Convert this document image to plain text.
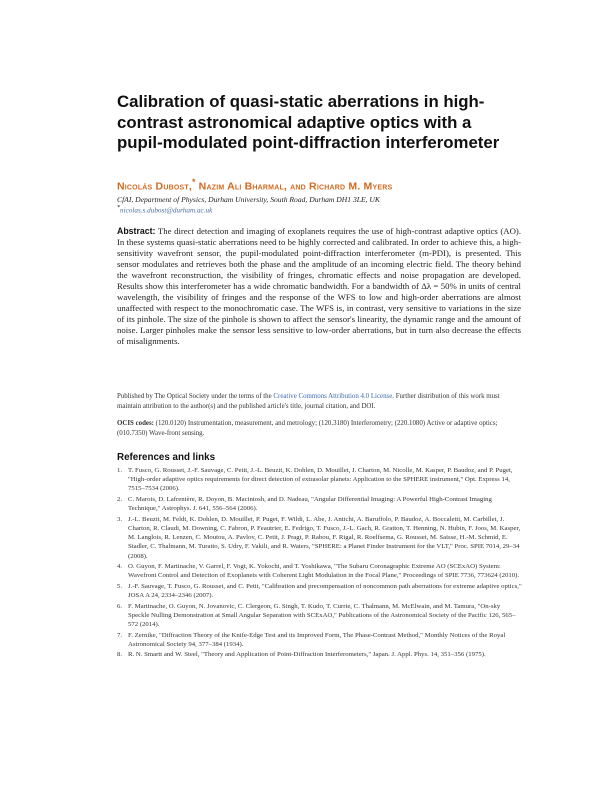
Calibration of quasi-static aberrations in high-contrast astronomical adaptive optics with a pupil-modulated point-diffraction interferometer
Nicolás Dubost,* Nazim Ali Bharmal, and Richard M. Myers
CfAI, Department of Physics, Durham University, South Road, Durham DH1 3LE, UK
*nicolas.s.dubost@durham.ac.uk
Abstract: The direct detection and imaging of exoplanets requires the use of high-contrast adaptive optics (AO). In these systems quasi-static aberrations need to be highly corrected and calibrated. In order to achieve this, a high-sensitivity wavefront sensor, the pupil-modulated point-diffraction interferometer (m-PDI), is presented. This sensor modulates and retrieves both the phase and the amplitude of an incoming electric field. The theory behind the wavefront reconstruction, the visibility of fringes, chromatic effects and noise propagation are developed. Results show this interferometer has a wide chromatic bandwidth. For a bandwidth of Δλ = 50% in units of central wavelength, the visibility of fringes and the response of the WFS to low and high-order aberrations are almost unaffected with respect to the monochromatic case. The WFS is, in contrast, very sensitive to variations in the size of its pinhole. The size of the pinhole is shown to affect the sensor's linearity, the dynamic range and the amount of noise. Larger pinholes make the sensor less sensitive to low-order aberrations, but in turn also decrease the effects of misalignments.
Published by The Optical Society under the terms of the Creative Commons Attribution 4.0 License. Further distribution of this work must maintain attribution to the author(s) and the published article's title, journal citation, and DOI.
OCIS codes: (120.0120) Instrumentation, measurement, and metrology; (120.3180) Interferometry; (220.1080) Active or adaptive optics; (010.7350) Wave-front sensing.
References and links
1. T. Fusco, G. Rousset, J.-F. Sauvage, C. Petit, J.-L. Beuzit, K. Dohlen, D. Mouillet, J. Charton, M. Nicolle, M. Kasper, P. Baudoz, and P. Puget, "High-order adaptive optics requirements for direct detection of extrasolar planets: Application to the SPHERE instrument," Opt. Express 14, 7515–7534 (2006).
2. C. Marois, D. Lafrenière, R. Doyon, B. Macintosh, and D. Nadeau, "Angular Differential Imaging: A Powerful High-Contrast Imaging Technique," Astrophys. J. 641, 556–564 (2006).
3. J.-L. Beuzit, M. Feldt, K. Dohlen, D. Mouillet, P. Puget, F. Wildi, L. Abe, J. Antichi, A. Baruffolo, P. Baudoz, A. Boccaletti, M. Carbillet, J. Charton, R. Claudi, M. Downing, C. Fabron, P. Feautrier, E. Fedrigo, T. Fusco, J.-L. Gach, R. Gratton, T. Henning, N. Hubin, F. Joos, M. Kasper, M. Langlois, R. Lenzen, C. Moutou, A. Pavlov, C. Petit, J. Pragt, P. Rabou, F. Rigal, R. Roelfsema, G. Rousset, M. Saisse, H.-M. Schmid, E. Stadler, C. Thalmann, M. Turatto, S. Udry, F. Vakili, and R. Waters, "SPHERE: a Planet Finder Instrument for the VLT," Proc. SPIE 7014, 29–34 (2008).
4. O. Guyon, F. Martinache, V. Garrel, F. Vogt, K. Yokochi, and T. Yoshikawa, "The Subaru Coronagraphic Extreme AO (SCExAO) System: Wavefront Control and Detection of Exoplanets with Coherent Light Modulation in the Focal Plane," Proceedings of SPIE 7736, 773624 (2010).
5. J.-F. Sauvage, T. Fusco, G. Rousset, and C. Petit, "Calibration and precompensation of noncommon path aberrations for extreme adaptive optics," JOSA A 24, 2334–2346 (2007).
6. F. Martinache, O. Guyon, N. Jovanovic, C. Clergeon, G. Singh, T. Kudo, T. Currie, C. Thalmann, M. McElwain, and M. Tamura, "On-sky Speckle Nulling Demonstration at Small Angular Separation with SCExAO," Publications of the Astronomical Society of the Pacific 126, 565–572 (2014).
7. F. Zernike, "Diffraction Theory of the Knife-Edge Test and its Improved Form, The Phase-Contrast Method," Monthly Notices of the Royal Astronomical Society 94, 377–384 (1934).
8. R. N. Smartt and W. Steel, "Theory and Application of Point-Diffraction Interferometers," Japan. J. Appl. Phys. 14, 351–356 (1975).
